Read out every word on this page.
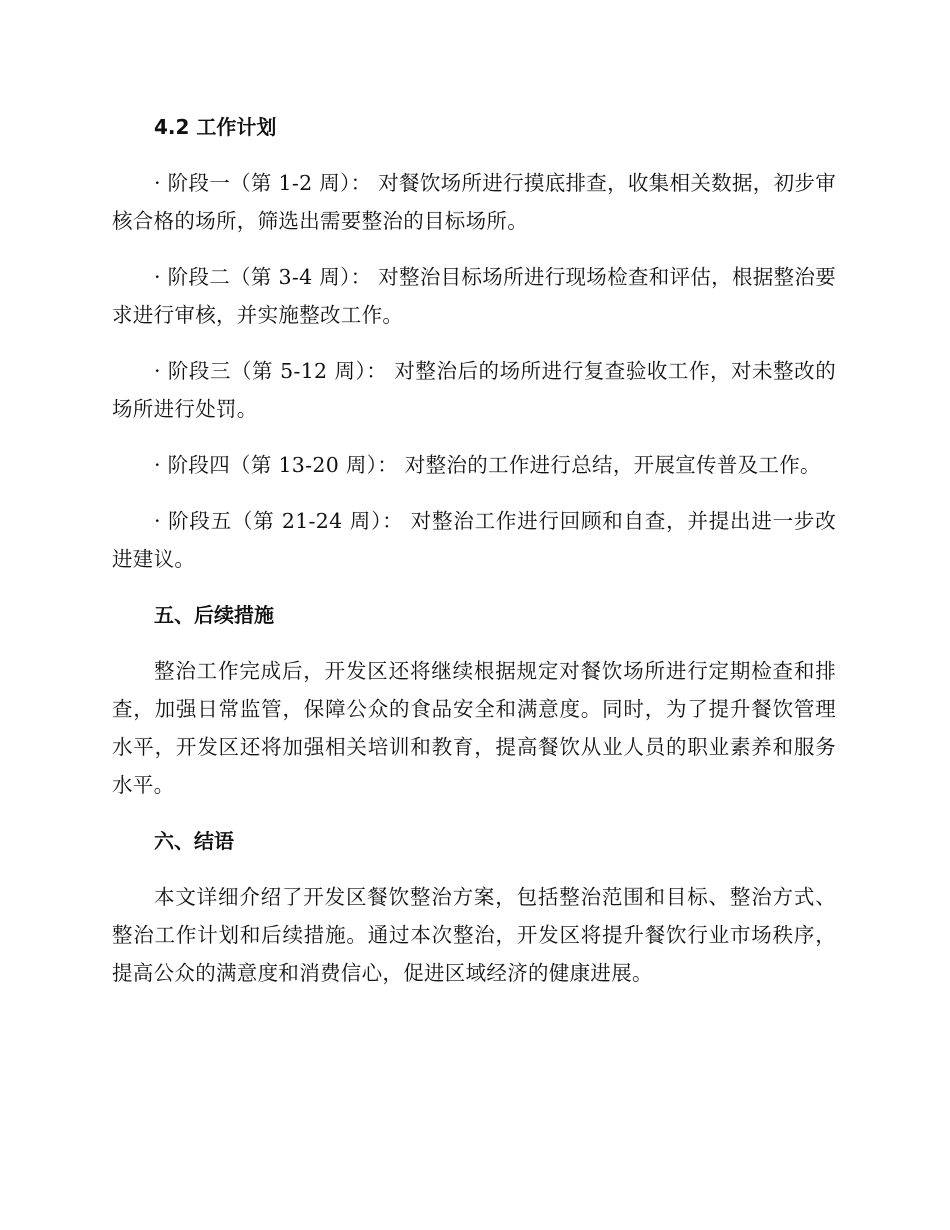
4.2 工作计划

· 阶段一（第 1-2 周）： 对餐饮场所进行摸底排查，收集相关数据，初步审核合格的场所，筛选出需要整治的目标场所。

· 阶段二（第 3-4 周）： 对整治目标场所进行现场检查和评估，根据整治要求进行审核，并实施整改工作。

· 阶段三（第 5-12 周）： 对整治后的场所进行复查验收工作，对未整改的场所进行处罚。

· 阶段四（第 13-20 周）： 对整治的工作进行总结，开展宣传普及工作。

· 阶段五（第 21-24 周）： 对整治工作进行回顾和自查，并提出进一步改进建议。

五、后续措施

整治工作完成后，开发区还将继续根据规定对餐饮场所进行定期检查和排查，加强日常监管，保障公众的食品安全和满意度。同时，为了提升餐饮管理水平，开发区还将加强相关培训和教育，提高餐饮从业人员的职业素养和服务水平。

六、结语

本文详细介绍了开发区餐饮整治方案，包括整治范围和目标、整治方式、整治工作计划和后续措施。通过本次整治，开发区将提升餐饮行业市场秩序，提高公众的满意度和消费信心，促进区域经济的健康进展。
